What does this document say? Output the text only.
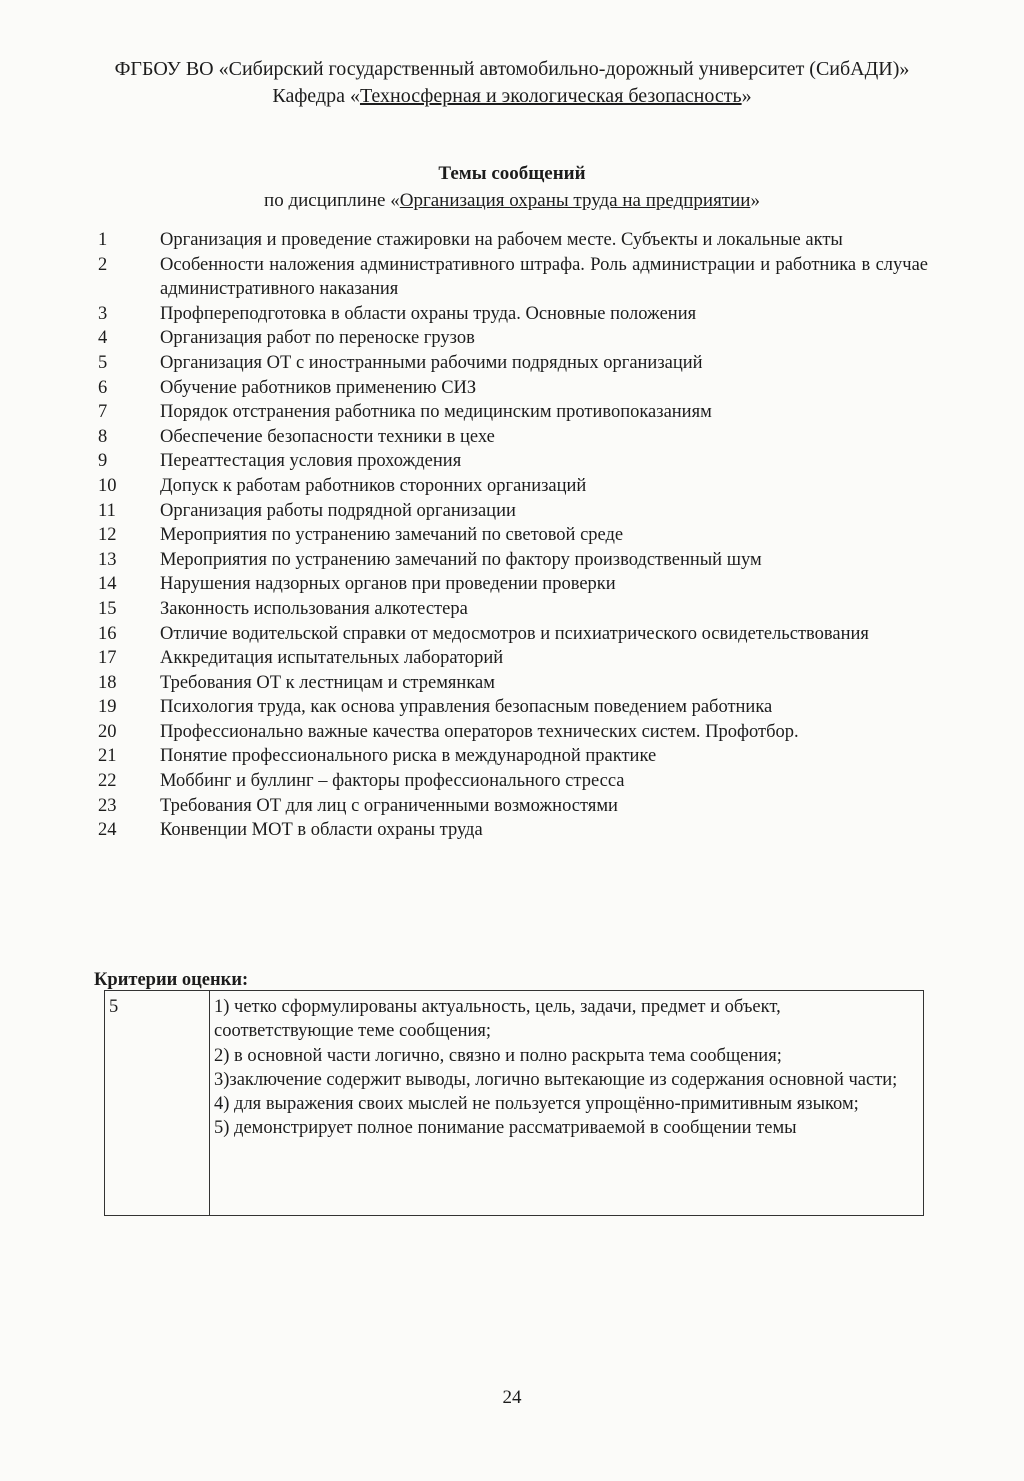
ФГБОУ ВО «Сибирский государственный автомобильно-дорожный университет (СибАДИ)»
Кафедра «Техносферная и экологическая безопасность»
Темы сообщений
по дисциплине «Организация охраны труда на предприятии»
1	Организация и проведение стажировки на рабочем месте. Субъекты и локальные акты
2	Особенности наложения административного штрафа. Роль администрации и работника в случае административного наказания
3	Профпереподготовка в области охраны труда. Основные положения
4	Организация работ по переноске грузов
5	Организация ОТ с иностранными рабочими подрядных организаций
6	Обучение работников применению СИЗ
7	Порядок отстранения работника по медицинским противопоказаниям
8	Обеспечение безопасности техники в цехе
9	Переаттестация условия прохождения
10	Допуск к работам работников сторонних организаций
11	Организация работы подрядной организации
12	Мероприятия по устранению замечаний по световой среде
13	Мероприятия по устранению замечаний по фактору производственный шум
14	Нарушения надзорных органов при проведении проверки
15	Законность использования алкотестера
16	Отличие водительской справки от медосмотров и психиатрического освидетельствования
17	Аккредитация испытательных лабораторий
18	Требования ОТ к лестницам и стремянкам
19	Психология труда, как основа управления безопасным поведением работника
20	Профессионально важные качества операторов технических систем. Профотбор.
21	Понятие профессионального риска в международной практике
22	Моббинг и буллинг – факторы профессионального стресса
23	Требования ОТ для лиц с ограниченными возможностями
24	Конвенции МОТ в области охраны труда
Критерии оценки:
5	1) четко сформулированы актуальность, цель, задачи, предмет и объект, соответствующие теме сообщения;
2) в основной части логично, связно и полно раскрыта тема сообщения;
3)заключение содержит выводы, логично вытекающие из содержания основной части;
4) для выражения своих мыслей не пользуется упрощённо-примитивным языком;
5) демонстрирует полное понимание рассматриваемой в сообщении темы
24
